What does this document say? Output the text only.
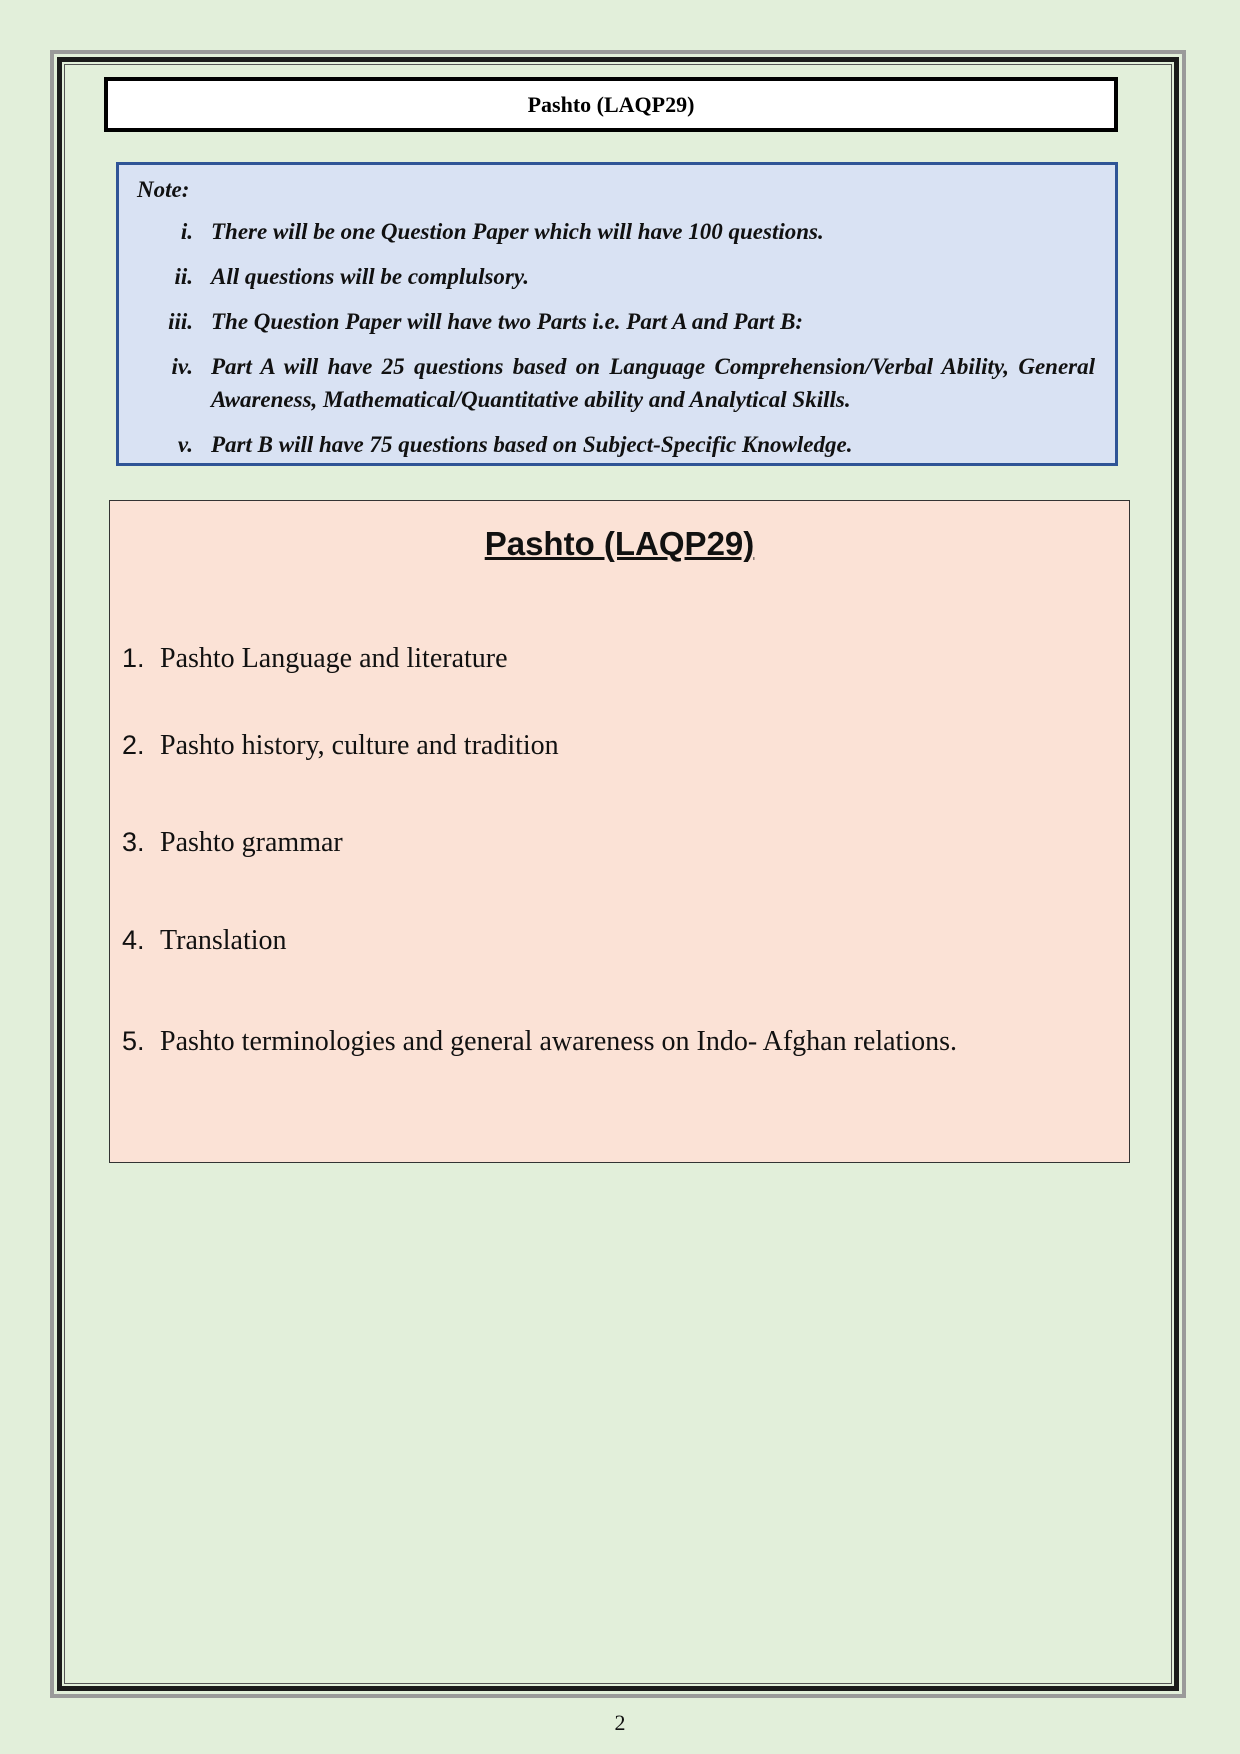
Pashto (LAQP29)
Note:
i. There will be one Question Paper which will have 100 questions.
ii. All questions will be complulsory.
iii. The Question Paper will have two Parts i.e. Part A and Part B:
iv. Part A will have 25 questions based on Language Comprehension/Verbal Ability, General Awareness, Mathematical/Quantitative ability and Analytical Skills.
v. Part B will have 75 questions based on Subject-Specific Knowledge.
Pashto (LAQP29)
1. Pashto Language and literature
2. Pashto history, culture and tradition
3. Pashto grammar
4. Translation
5. Pashto terminologies and general awareness on Indo- Afghan relations.
2
